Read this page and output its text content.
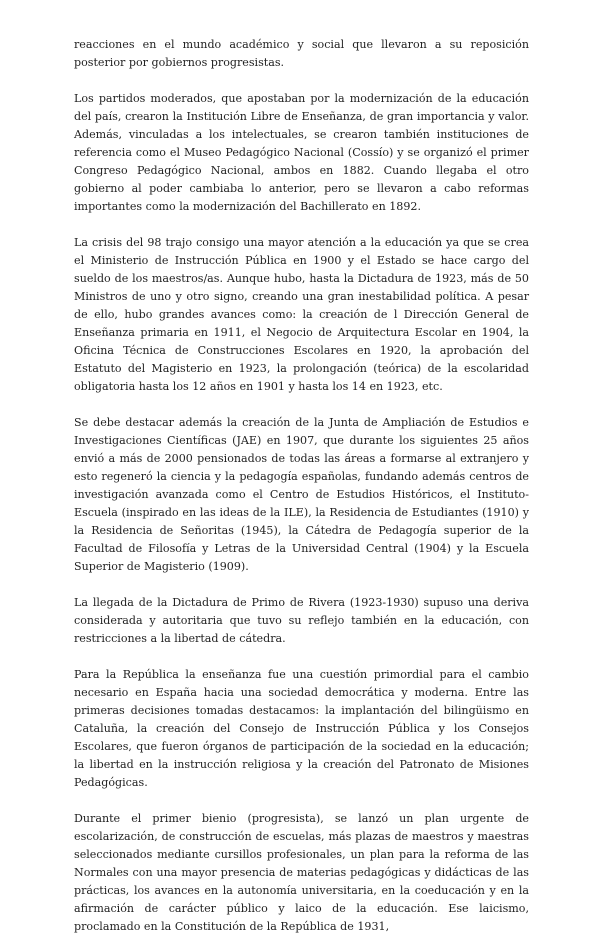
reacciones en el mundo académico y social que llevaron a su reposición posterior por gobiernos progresistas.

Los partidos moderados, que apostaban por la modernización de la educación del país, crearon la Institución Libre de Enseñanza, de gran importancia y valor. Además, vinculadas a los intelectuales, se crearon también instituciones de referencia como el Museo Pedagógico Nacional (Cossío) y se organizó el primer Congreso Pedagógico Nacional, ambos en 1882. Cuando llegaba el otro gobierno al poder cambiaba lo anterior, pero se llevaron a cabo reformas importantes como la modernización del Bachillerato en 1892.

La crisis del 98 trajo consigo una mayor atención a la educación ya que se crea el Ministerio de Instrucción Pública en 1900 y el Estado se hace cargo del sueldo de los maestros/as. Aunque hubo, hasta la Dictadura de 1923, más de 50 Ministros de uno y otro signo, creando una gran inestabilidad política. A pesar de ello, hubo grandes avances como: la creación de l Dirección General de Enseñanza primaria en 1911, el Negocio de Arquitectura Escolar en 1904, la Oficina Técnica de Construcciones Escolares en 1920, la aprobación del Estatuto del Magisterio en 1923, la prolongación (teórica) de la escolaridad obligatoria hasta los 12 años en 1901 y hasta los 14 en 1923, etc.

Se debe destacar además la creación de la Junta de Ampliación de Estudios e Investigaciones Científicas (JAE) en 1907, que durante los siguientes 25 años envió a más de 2000 pensionados de todas las áreas a formarse al extranjero y esto regeneró la ciencia y la pedagogía españolas, fundando además centros de investigación avanzada como el Centro de Estudios Históricos, el Instituto-Escuela (inspirado en las ideas de la ILE), la Residencia de Estudiantes (1910) y la Residencia de Señoritas (1945), la Cátedra de Pedagogía superior de la Facultad de Filosofía y Letras de la Universidad Central (1904) y la Escuela Superior de Magisterio (1909).

La llegada de la Dictadura de Primo de Rivera (1923-1930) supuso una deriva considerada y autoritaria que tuvo su reflejo también en la educación, con restricciones a la libertad de cátedra.

Para la República la enseñanza fue una cuestión primordial para el cambio necesario en España hacia una sociedad democrática y moderna. Entre las primeras decisiones tomadas destacamos: la implantación del bilingüismo en Cataluña, la creación del Consejo de Instrucción Pública y los Consejos Escolares, que fueron órganos de participación de la sociedad en la educación; la libertad en la instrucción religiosa y la creación del Patronato de Misiones Pedagógicas.

Durante el primer bienio (progresista), se lanzó un plan urgente de escolarización, de construcción de escuelas, más plazas de maestros y maestras seleccionados mediante cursillos profesionales, un plan para la reforma de las Normales con una mayor presencia de materias pedagógicas y didácticas de las prácticas, los avances en la autonomía universitaria, en la coeducación y en la afirmación de carácter público y laico de la educación. Ese laicismo, proclamado en la Constitución de la República de 1931,
